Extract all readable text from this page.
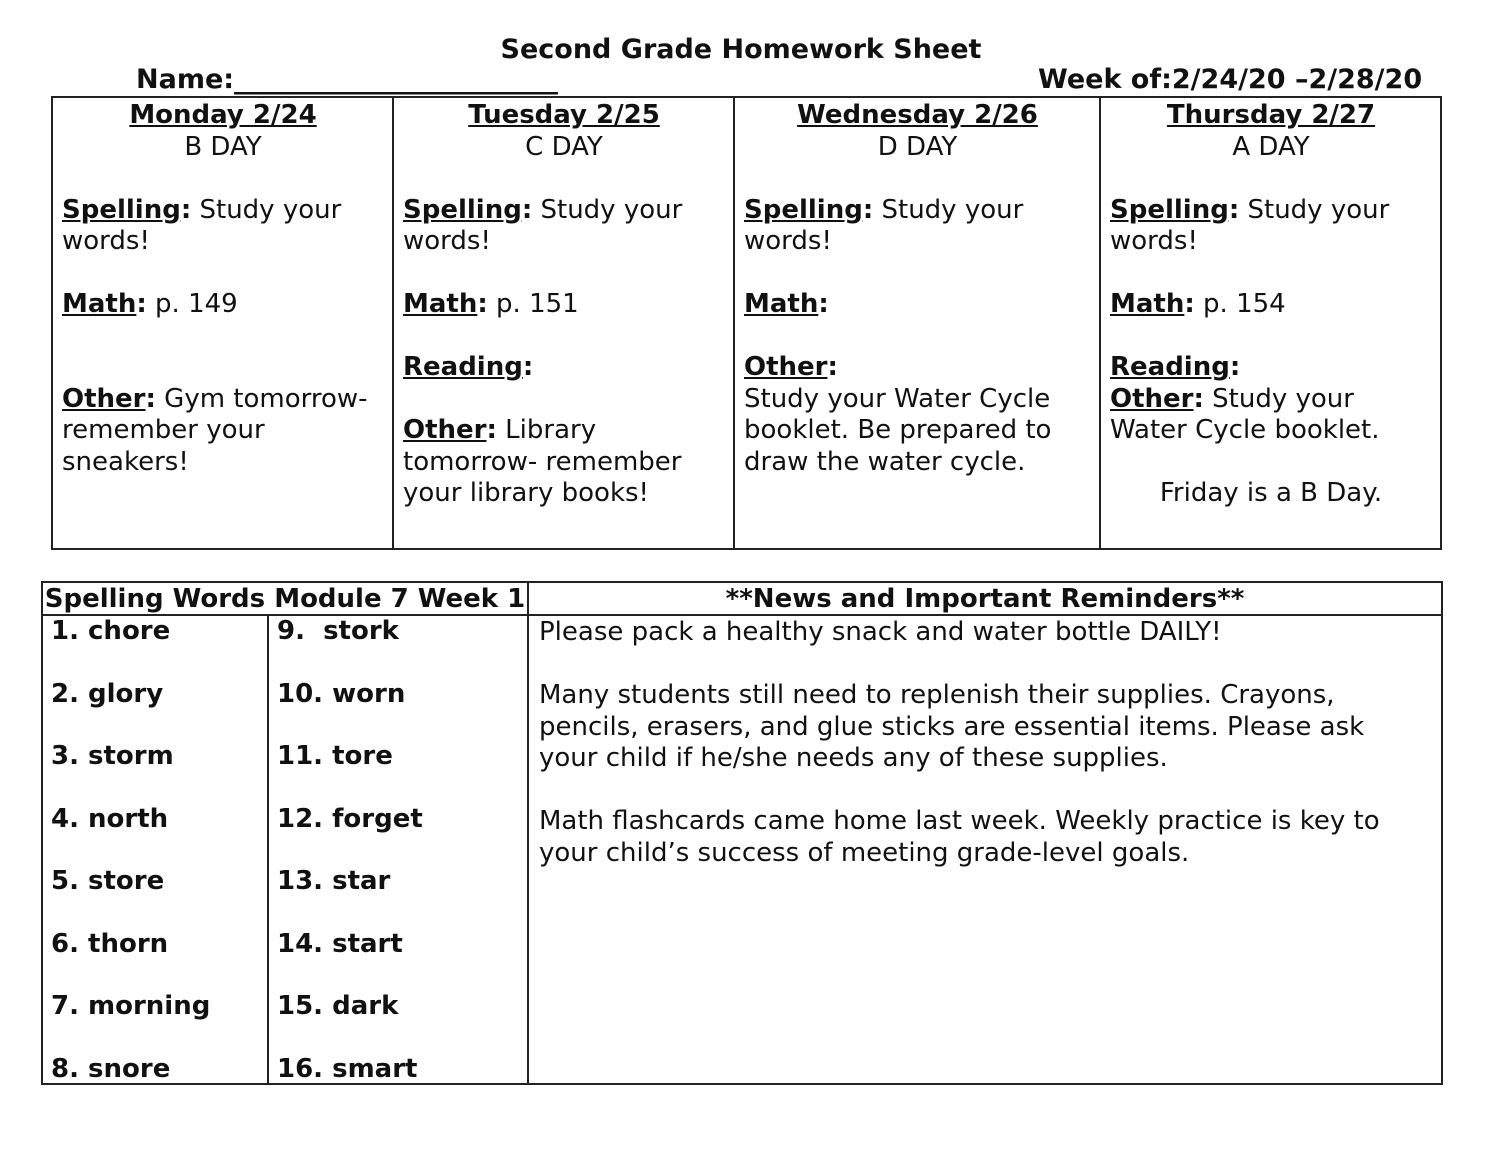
Second Grade Homework Sheet
Name:________________________	Week of:2/24/20 –2/28/20
Monday 2/24
B DAY
Spelling: Study your words!
Math: p. 149
Other: Gym tomorrow- remember your sneakers!
Tuesday 2/25
C DAY
Spelling: Study your words!
Math: p. 151
Reading:
Other: Library tomorrow- remember your library books!
Wednesday 2/26
D DAY
Spelling: Study your words!
Math:
Other:
Study your Water Cycle booklet. Be prepared to draw the water cycle.
Thursday 2/27
A DAY
Spelling: Study your words!
Math: p. 154
Reading:
Other: Study your Water Cycle booklet.
Friday is a B Day.
Spelling Words Module 7 Week 1	**News and Important Reminders**
1. chore
2. glory
3. storm
4. north
5. store
6. thorn
7. morning
8. snore
9.  stork
10. worn
11. tore
12. forget
13. star
14. start
15. dark
16. smart

Please pack a healthy snack and water bottle DAILY!

Many students still need to replenish their supplies. Crayons, pencils, erasers, and glue sticks are essential items. Please ask your child if he/she needs any of these supplies.

Math flashcards came home last week. Weekly practice is key to your child’s success of meeting grade-level goals.
